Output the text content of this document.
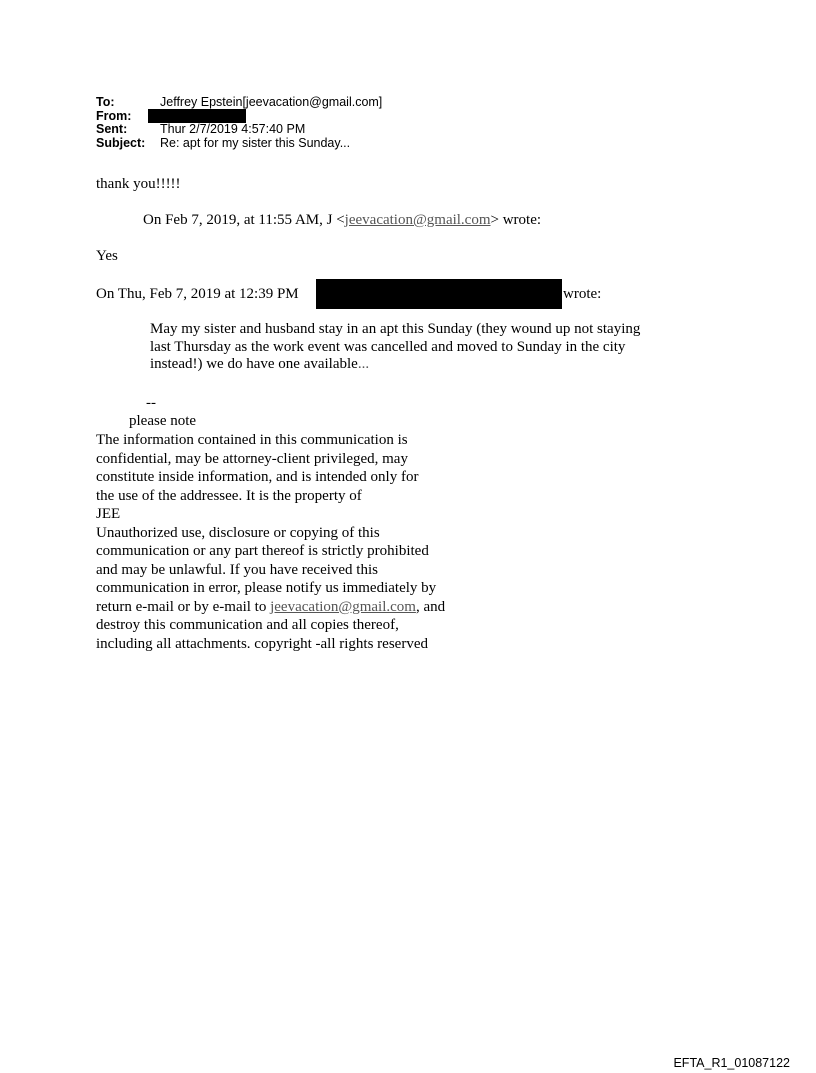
To:	Jeffrey Epstein[jeevacation@gmail.com]
From:
Sent:	Thur 2/7/2019 4:57:40 PM
Subject:	Re: apt for my sister this Sunday...
thank you!!!!!
On Feb 7, 2019, at 11:55 AM, J <jeevacation@gmail.com> wrote:
Yes
On Thu, Feb 7, 2019 at 12:39 PM	wrote:
May my sister and husband stay in an apt this Sunday (they wound up not staying
last Thursday as the work event was cancelled and moved to Sunday in the city
instead!) we do have one available...
--
please note
The information contained in this communication is
confidential, may be attorney-client privileged, may
constitute inside information, and is intended only for
the use of the addressee. It is the property of
JEE
Unauthorized use, disclosure or copying of this
communication or any part thereof is strictly prohibited
and may be unlawful. If you have received this
communication in error, please notify us immediately by
return e-mail or by e-mail to jeevacation@gmail.com, and
destroy this communication and all copies thereof,
including all attachments. copyright -all rights reserved
EFTA_R1_01087122
